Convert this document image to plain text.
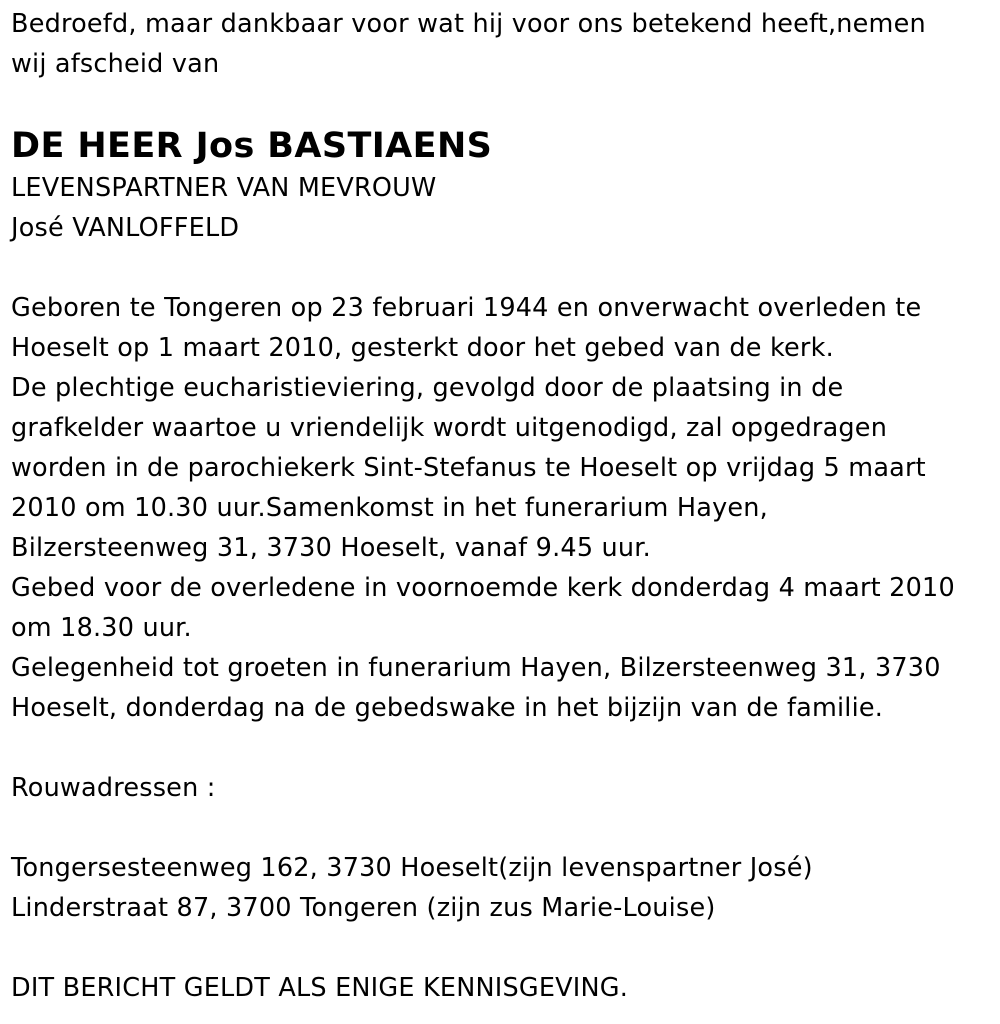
Bedroefd, maar dankbaar voor wat hij voor ons betekend heeft,nemen
wij afscheid van
DE HEER Jos BASTIAENS
LEVENSPARTNER VAN MEVROUW
José VANLOFFELD
Geboren te Tongeren op 23 februari 1944 en onverwacht overleden te
Hoeselt op 1 maart 2010, gesterkt door het gebed van de kerk.
De plechtige eucharistieviering, gevolgd door de plaatsing in de
grafkelder waartoe u vriendelijk wordt uitgenodigd, zal opgedragen
worden in de parochiekerk Sint-Stefanus te Hoeselt op vrijdag 5 maart
2010 om 10.30 uur.Samenkomst in het funerarium Hayen,
Bilzersteenweg 31, 3730 Hoeselt, vanaf 9.45 uur.
Gebed voor de overledene in voornoemde kerk donderdag 4 maart 2010
om 18.30 uur.
Gelegenheid tot groeten in funerarium Hayen, Bilzersteenweg 31, 3730
Hoeselt, donderdag na de gebedswake in het bijzijn van de familie.
Rouwadressen :
Tongersesteenweg 162, 3730 Hoeselt(zijn levenspartner José)
Linderstraat 87, 3700 Tongeren (zijn zus Marie-Louise)
DIT BERICHT GELDT ALS ENIGE KENNISGEVING.
